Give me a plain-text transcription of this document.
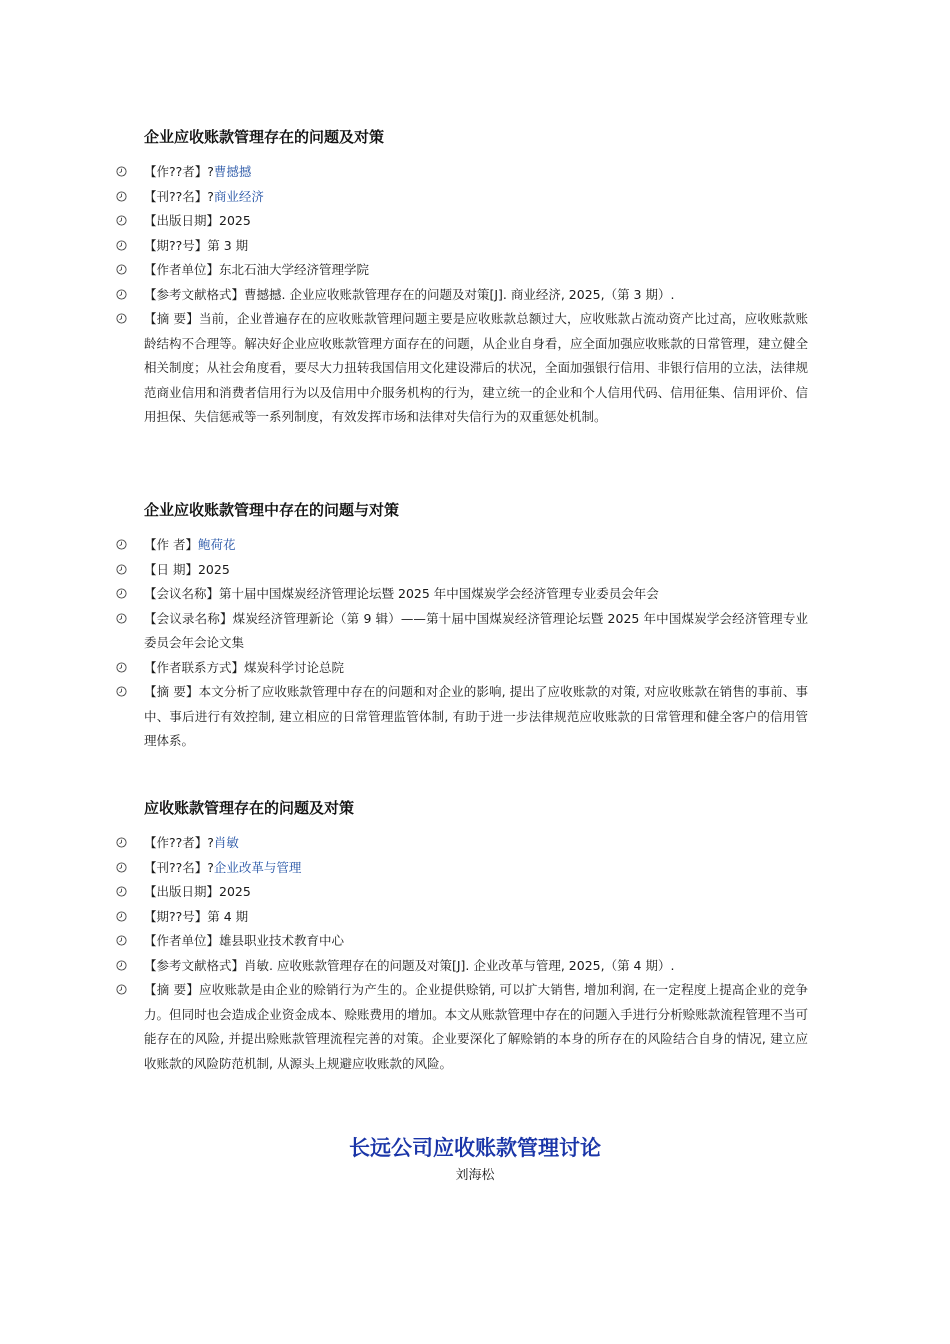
企业应收账款管理存在的问题及对策
【作??者】?曹撼撼
【刊??名】?商业经济
【出版日期】2025
【期??号】第 3 期
【作者单位】东北石油大学经济管理学院
【参考文献格式】曹撼撼. 企业应收账款管理存在的问题及对策[J]. 商业经济, 2025,（第 3 期）.
【摘 要】当前，企业普遍存在的应收账款管理问题主要是应收账款总额过大，应收账款占流动资产比过高，应收账款账龄结构不合理等。解决好企业应收账款管理方面存在的问题，从企业自身看，应全面加强应收账款的日常管理，建立健全相关制度；从社会角度看，要尽大力扭转我国信用文化建设滞后的状况，全面加强银行信用、非银行信用的立法，法律规范商业信用和消费者信用行为以及信用中介服务机构的行为，建立统一的企业和个人信用代码、信用征集、信用评价、信用担保、失信惩戒等一系列制度，有效发挥市场和法律对失信行为的双重惩处机制。
企业应收账款管理中存在的问题与对策
【作 者】鲍荷花
【日 期】2025
【会议名称】第十届中国煤炭经济管理论坛暨 2025 年中国煤炭学会经济管理专业委员会年会
【会议录名称】煤炭经济管理新论（第 9 辑）——第十届中国煤炭经济管理论坛暨 2025 年中国煤炭学会经济管理专业委员会年会论文集
【作者联系方式】煤炭科学讨论总院
【摘 要】本文分析了应收账款管理中存在的问题和对企业的影响, 提出了应收账款的对策, 对应收账款在销售的事前、事中、事后进行有效控制, 建立相应的日常管理监管体制, 有助于进一步法律规范应收账款的日常管理和健全客户的信用管理体系。
应收账款管理存在的问题及对策
【作??者】?肖敏
【刊??名】?企业改革与管理
【出版日期】2025
【期??号】第 4 期
【作者单位】雄县职业技术教育中心
【参考文献格式】肖敏. 应收账款管理存在的问题及对策[J]. 企业改革与管理, 2025,（第 4 期）.
【摘 要】应收账款是由企业的赊销行为产生的。企业提供赊销, 可以扩大销售, 增加利润, 在一定程度上提高企业的竞争力。但同时也会造成企业资金成本、赊账费用的增加。本文从账款管理中存在的问题入手进行分析赊账款流程管理不当可能存在的风险, 并提出赊账款管理流程完善的对策。企业要深化了解赊销的本身的所存在的风险结合自身的情况, 建立应收账款的风险防范机制, 从源头上规避应收账款的风险。
长远公司应收账款管理讨论
刘海松
